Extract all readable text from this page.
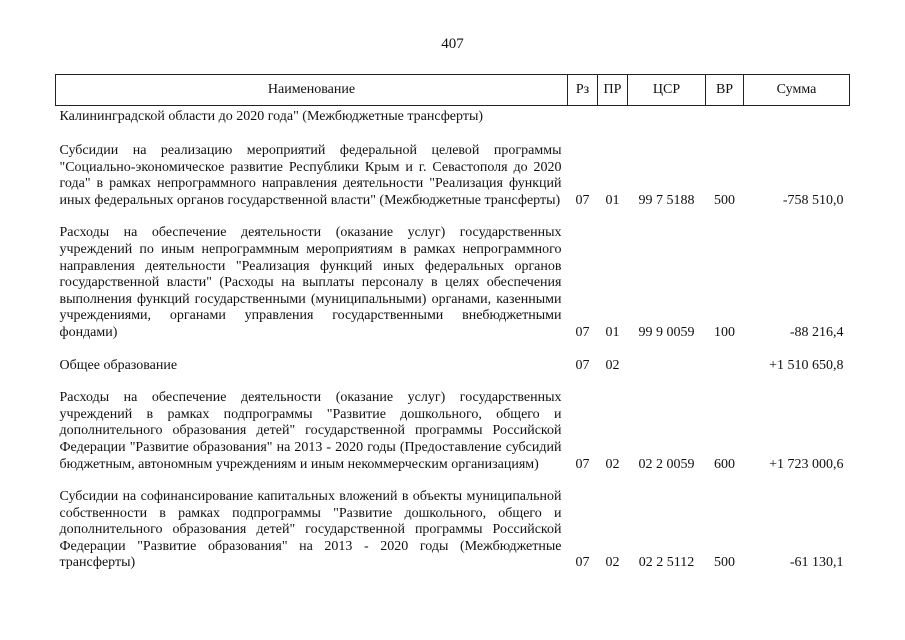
407
Наименование	Рз	ПР	ЦСР	ВР	Сумма
Калининградской области до 2020 года" (Межбюджетные трансферты)					

Субсидии на реализацию мероприятий федеральной целевой программы "Социально-экономическое развитие Республики Крым и г. Севастополя до 2020 года" в рамках непрограммного направления деятельности "Реализация функций иных федеральных органов государственной власти" (Межбюджетные трансферты)	07	01	99 7 5188	500	-758 510,0

Расходы на обеспечение деятельности (оказание услуг) государственных учреждений по иным непрограммным мероприятиям в рамках непрограммного направления деятельности "Реализация функций иных федеральных органов государственной власти" (Расходы на выплаты персоналу в целях обеспечения выполнения функций государственными (муниципальными) органами, казенными учреждениями, органами управления государственными внебюджетными фондами)	07	01	99 9 0059	100	-88 216,4

Общее образование	07	02			+1 510 650,8

Расходы на обеспечение деятельности (оказание услуг) государственных учреждений в рамках подпрограммы "Развитие дошкольного, общего и дополнительного образования детей" государственной программы Российской Федерации "Развитие образования" на 2013 - 2020 годы (Предоставление субсидий бюджетным, автономным учреждениям и иным некоммерческим организациям)	07	02	02 2 0059	600	+1 723 000,6

Субсидии на софинансирование капитальных вложений в объекты муниципальной собственности в рамках подпрограммы "Развитие дошкольного, общего и дополнительного образования детей" государственной программы Российской Федерации "Развитие образования" на 2013 - 2020 годы (Межбюджетные трансферты)	07	02	02 2 5112	500	-61 130,1
